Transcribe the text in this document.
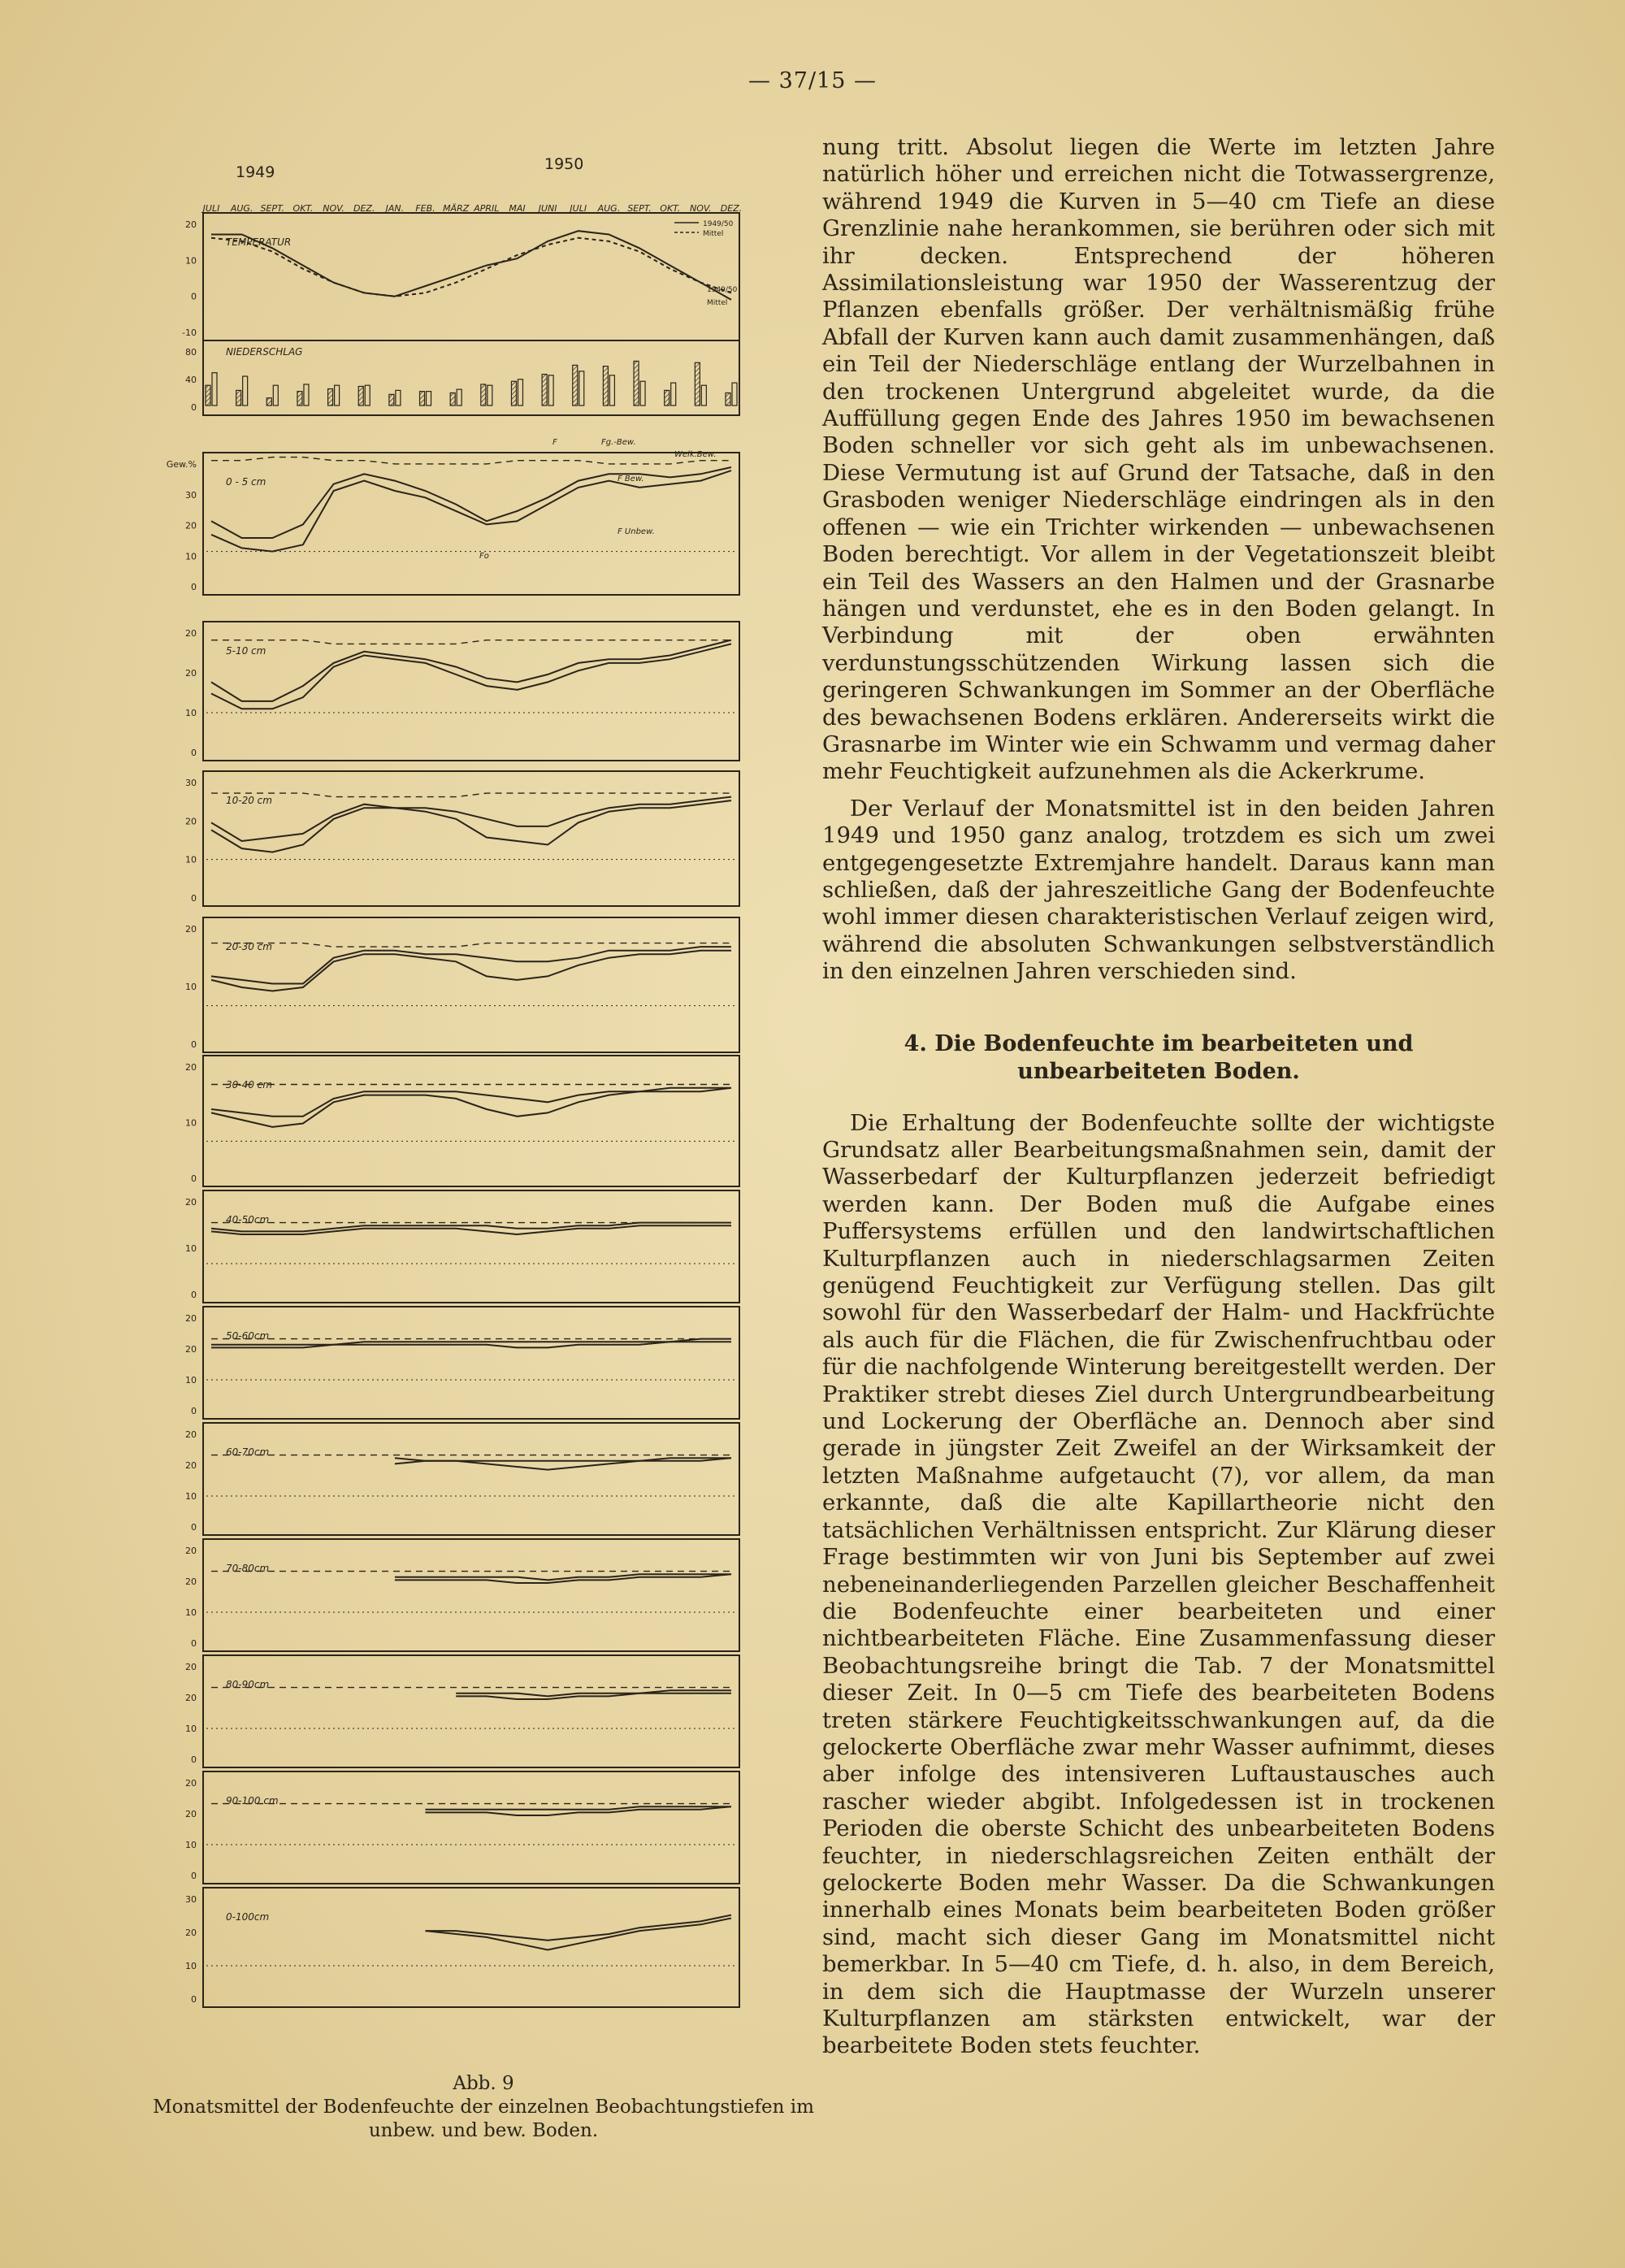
— 37/15 —
1949	1950
JULI AUG. SEPT. OKT. NOV. DEZ. JAN. FEB. MÄRZ APRIL MAI JUNI JULI AUG. SEPT. OKT. NOV. DEZ.
TEMPERATUR
20
10
0
-10
1949/50
Mittel
NIEDERSCHLAG
80
40
0
1949/50
Mittel
0 - 5 cm
Gew.%
30
20
10
0
F
F Bew.
F Unbew.
Fo
Fg.-Bew.
Welk.Bew.
5-10 cm
20
20
10
0
10-20 cm
30
20
10
0
20-30 cm
20
10
0
30-40 cm
20
10
0
40-50cm
20
10
0
50-60cm
20
20
10
0
60-70cm
20
20
10
0
70-80cm
20
20
10
0
80-90cm
20
20
10
0
90-100 cm
20
20
10
0
0-100cm
30
20
10
0
Abb. 9
Monatsmittel der Bodenfeuchte der einzelnen Beobachtungstiefen im unbew. und bew. Boden.

nung tritt. Absolut liegen die Werte im letzten Jahre natürlich höher und erreichen nicht die Totwassergrenze, während 1949 die Kurven in 5—40 cm Tiefe an diese Grenzlinie nahe herankommen, sie berühren oder sich mit ihr decken. Entsprechend der höheren Assimilationsleistung war 1950 der Wasserentzug der Pflanzen ebenfalls größer. Der verhältnismäßig frühe Abfall der Kurven kann auch damit zusammenhängen, daß ein Teil der Niederschläge entlang der Wurzelbahnen in den trockenen Untergrund abgeleitet wurde, da die Auffüllung gegen Ende des Jahres 1950 im bewachsenen Boden schneller vor sich geht als im unbewachsenen. Diese Vermutung ist auf Grund der Tatsache, daß in den Grasboden weniger Niederschläge eindringen als in den offenen — wie ein Trichter wirkenden — unbewachsenen Boden berechtigt. Vor allem in der Vegetationszeit bleibt ein Teil des Wassers an den Halmen und der Grasnarbe hängen und verdunstet, ehe es in den Boden gelangt. In Verbindung mit der oben erwähnten verdunstungsschützenden Wirkung lassen sich die geringeren Schwankungen im Sommer an der Oberfläche des bewachsenen Bodens erklären. Andererseits wirkt die Grasnarbe im Winter wie ein Schwamm und vermag daher mehr Feuchtigkeit aufzunehmen als die Ackerkrume.

Der Verlauf der Monatsmittel ist in den beiden Jahren 1949 und 1950 ganz analog, trotzdem es sich um zwei entgegengesetzte Extremjahre handelt. Daraus kann man schließen, daß der jahreszeitliche Gang der Bodenfeuchte wohl immer diesen charakteristischen Verlauf zeigen wird, während die absoluten Schwankungen selbstverständlich in den einzelnen Jahren verschieden sind.

4. Die Bodenfeuchte im bearbeiteten und unbearbeiteten Boden.

Die Erhaltung der Bodenfeuchte sollte der wichtigste Grundsatz aller Bearbeitungsmaßnahmen sein, damit der Wasserbedarf der Kulturpflanzen jederzeit befriedigt werden kann. Der Boden muß die Aufgabe eines Puffersystems erfüllen und den landwirtschaftlichen Kulturpflanzen auch in niederschlagsarmen Zeiten genügend Feuchtigkeit zur Verfügung stellen. Das gilt sowohl für den Wasserbedarf der Halm- und Hackfrüchte als auch für die Flächen, die für Zwischenfruchtbau oder für die nachfolgende Winterung bereitgestellt werden. Der Praktiker strebt dieses Ziel durch Untergrundbearbeitung und Lockerung der Oberfläche an. Dennoch aber sind gerade in jüngster Zeit Zweifel an der Wirksamkeit der letzten Maßnahme aufgetaucht (7), vor allem, da man erkannte, daß die alte Kapillartheorie nicht den tatsächlichen Verhältnissen entspricht. Zur Klärung dieser Frage bestimmten wir von Juni bis September auf zwei nebeneinanderliegenden Parzellen gleicher Beschaffenheit die Bodenfeuchte einer bearbeiteten und einer nichtbearbeiteten Fläche. Eine Zusammenfassung dieser Beobachtungsreihe bringt die Tab. 7 der Monatsmittel dieser Zeit. In 0—5 cm Tiefe des bearbeiteten Bodens treten stärkere Feuchtigkeitsschwankungen auf, da die gelockerte Oberfläche zwar mehr Wasser aufnimmt, dieses aber infolge des intensiveren Luftaustausches auch rascher wieder abgibt. Infolgedessen ist in trockenen Perioden die oberste Schicht des unbearbeiteten Bodens feuchter, in niederschlagsreichen Zeiten enthält der gelockerte Boden mehr Wasser. Da die Schwankungen innerhalb eines Monats beim bearbeiteten Boden größer sind, macht sich dieser Gang im Monatsmittel nicht bemerkbar. In 5—40 cm Tiefe, d. h. also, in dem Bereich, in dem sich die Hauptmasse der Wurzeln unserer Kulturpflanzen am stärksten entwickelt, war der bearbeitete Boden stets feuchter.
